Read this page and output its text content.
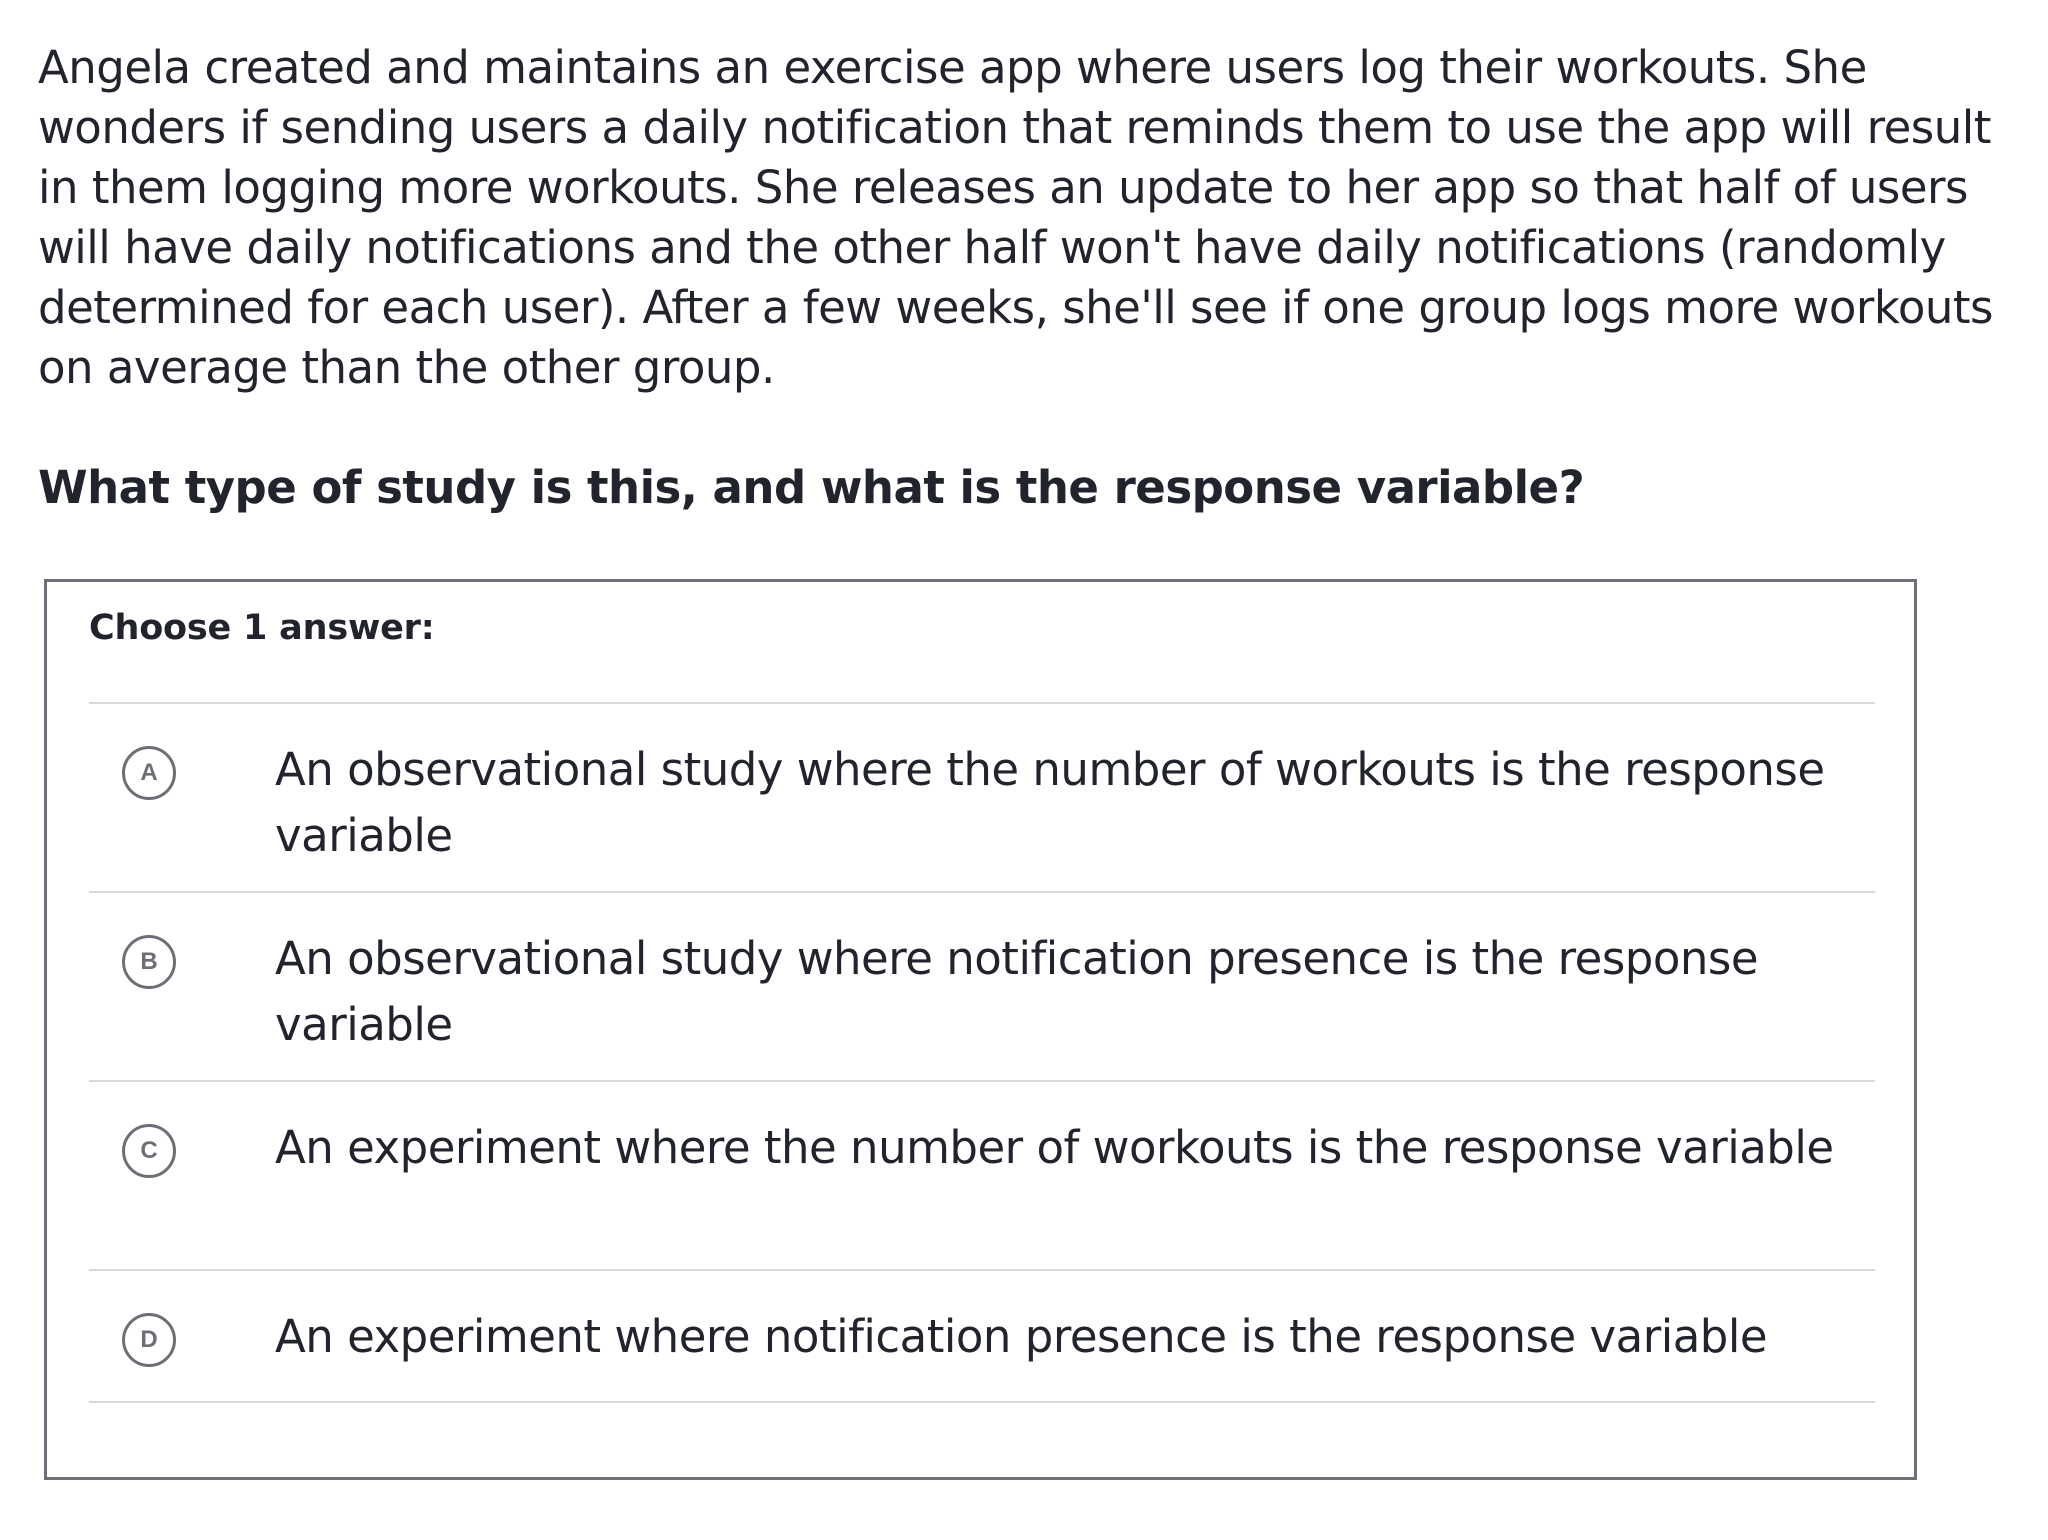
Angela created and maintains an exercise app where users log their workouts. She wonders if sending users a daily notification that reminds them to use the app will result in them logging more workouts. She releases an update to her app so that half of users will have daily notifications and the other half won't have daily notifications (randomly determined for each user). After a few weeks, she'll see if one group logs more workouts on average than the other group.

What type of study is this, and what is the response variable?

Choose 1 answer:

A	An observational study where the number of workouts is the response variable
B	An observational study where notification presence is the response variable
C	An experiment where the number of workouts is the response variable
D	An experiment where notification presence is the response variable
